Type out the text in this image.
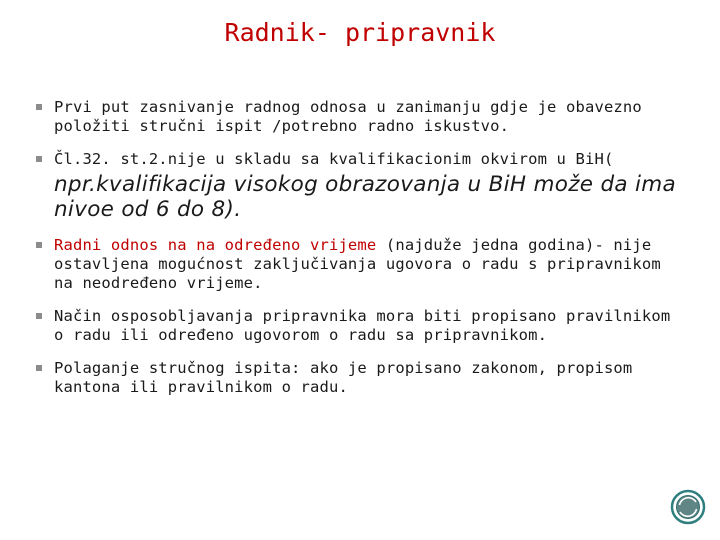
Radnik- pripravnik
Prvi put zasnivanje radnog odnosa u zanimanju gdje je obavezno položiti stručni ispit /potrebno radno iskustvo.
Čl.32. st.2.nije u skladu sa kvalifikacionim okvirom u BiH(
npr.kvalifikacija visokog obrazovanja u BiH može da ima nivoe od 6 do 8).
Radni odnos na na određeno vrijeme (najduže jedna godina)- nije ostavljena mogućnost zaključivanja ugovora o radu s pripravnikom na neodređeno vrijeme.
Način osposobljavanja pripravnika mora biti propisano pravilnikom o radu ili određeno ugovorom o radu sa pripravnikom.
Polaganje stručnog ispita: ako je propisano zakonom, propisom kantona ili pravilnikom o radu.
